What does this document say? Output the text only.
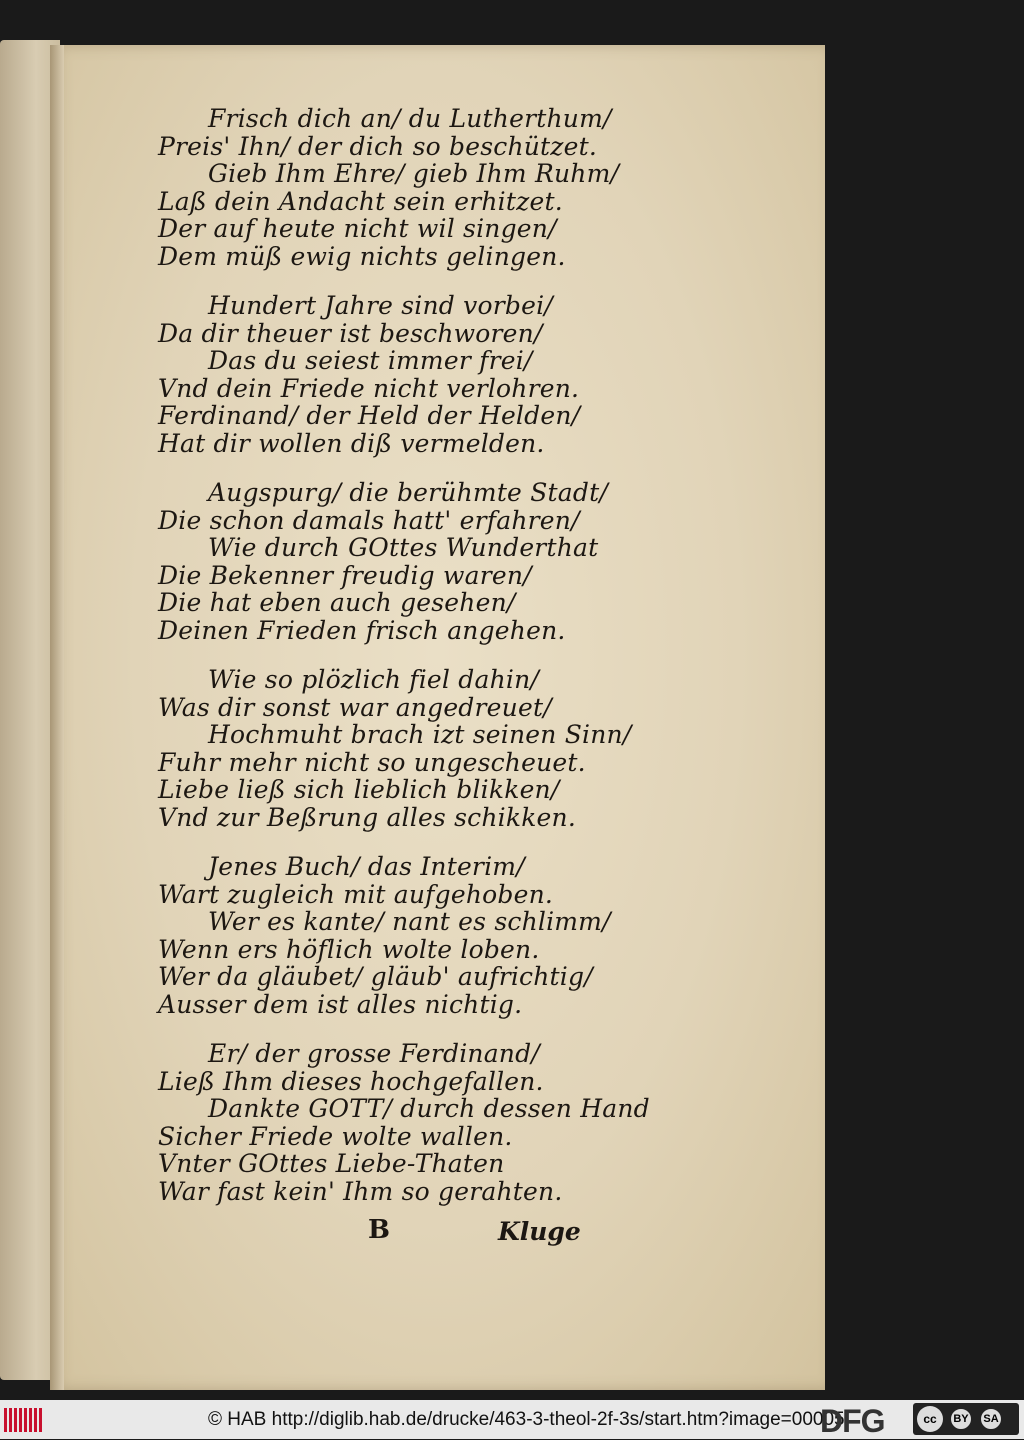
Frisch dich an/ du Lutherthum/
Preis' Ihn/ der dich so beschützet.
Gieb Ihm Ehre/ gieb Ihm Ruhm/
Laß dein Andacht sein erhitzet.
Der auf heute nicht wil singen/
Dem müß ewig nichts gelingen.
Hundert Jahre sind vorbei/
Da dir theuer ist beschworen/
Das du seiest immer frei/
Vnd dein Friede nicht verlohren.
Ferdinand/ der Held der Helden/
Hat dir wollen diß vermelden.
Augspurg/ die berühmte Stadt/
Die schon damals hatt' erfahren/
Wie durch GOttes Wunderthat
Die Bekenner freudig waren/
Die hat eben auch gesehen/
Deinen Frieden frisch angehen.
Wie so plözlich fiel dahin/
Was dir sonst war angedreuet/
Hochmuht brach izt seinen Sinn/
Fuhr mehr nicht so ungescheuet.
Liebe ließ sich lieblich blikken/
Vnd zur Beßrung alles schikken.
Jenes Buch/ das Interim/
Wart zugleich mit aufgehoben.
Wer es kante/ nant es schlimm/
Wenn ers höflich wolte loben.
Wer da gläubet/ gläub' aufrichtig/
Ausser dem ist alles nichtig.
Er/ der grosse Ferdinand/
Ließ Ihm dieses hochgefallen.
Dankte GOTT/ durch dessen Hand
Sicher Friede wolte wallen.
Vnter GOttes Liebe-Thaten
War fast kein' Ihm so gerahten.
B	Kluge
© HAB http://diglib.hab.de/drucke/463-3-theol-2f-3s/start.htm?image=00005
DFG	cc	BY	SA
